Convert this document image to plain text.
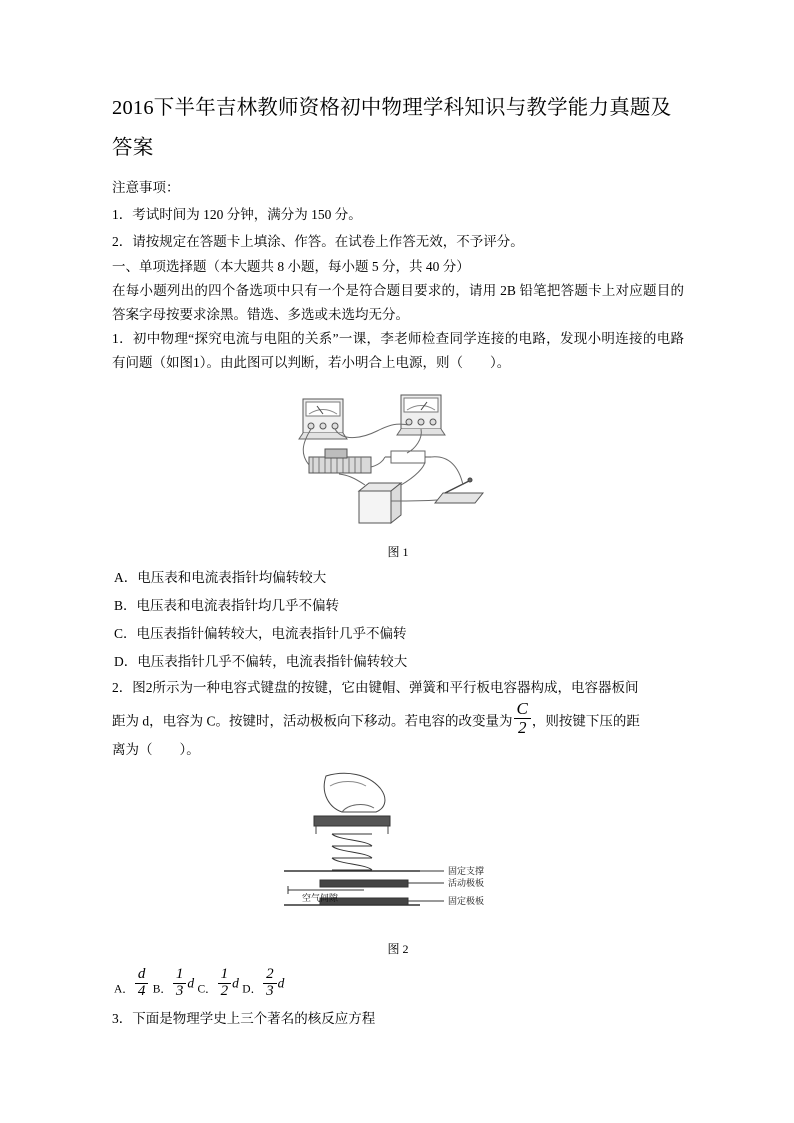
2016下半年吉林教师资格初中物理学科知识与教学能力真题及答案

注意事项：

1．考试时间为 120 分钟，满分为 150 分。

2．请按规定在答题卡上填涂、作答。在试卷上作答无效，不予评分。

一、单项选择题（本大题共 8 小题，每小题 5 分，共 40 分）

在每小题列出的四个备选项中只有一个是符合题目要求的，请用 2B 铅笔把答题卡上对应题目的答案字母按要求涂黑。错选、多选或未选均无分。

1．初中物理“探究电流与电阻的关系”一课，李老师检查同学连接的电路，发现小明连接的电路有问题（如图1）。由此图可以判断，若小明合上电源，则（　　）。

图 1

A．电压表和电流表指针均偏转较大

B．电压表和电流表指针均几乎不偏转

C．电压表指针偏转较大，电流表指针几乎不偏转

D．电压表指针几乎不偏转，电流表指针偏转较大

2．图2所示为一种电容式键盘的按键，它由键帽、弹簧和平行板电容器构成，电容器板间

距为 d，电容为 C。按键时，活动极板向下移动。若电容的改变量为 $\frac{C}{2}$ ，则按键下压的距

离为（　　）。

固定支撑
活动极板
空气间隙	固定极板
图 2

A． $\frac{d}{4}$ B． $\frac{1}{3}$ d C． $\frac{1}{2}$ d D． $\frac{2}{3}$ d

3．下面是物理学史上三个著名的核反应方程
